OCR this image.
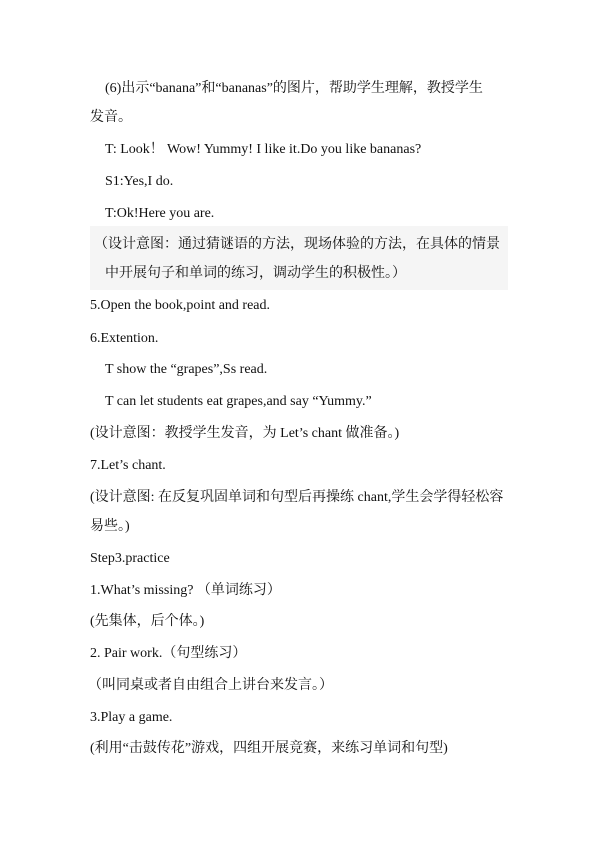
(6)出示“banana”和“bananas”的图片，帮助学生理解，教授学生
发音。
T: Look！ Wow! Yummy! I like it.Do you like bananas?
S1:Yes,I do.
T:Ok!Here you are.
（设计意图：通过猜谜语的方法，现场体验的方法，在具体的情景
中开展句子和单词的练习，调动学生的积极性。）
5.Open the book,point and read.
6.Extention.
T show the “grapes”,Ss read.
T can let students eat grapes,and say “Yummy.”
(设计意图：教授学生发音，为 Let’s chant 做准备。)
7.Let’s chant.
(设计意图: 在反复巩固单词和句型后再操练 chant,学生会学得轻松容
易些。)
Step3.practice
1.What’s missing? （单词练习）
(先集体，后个体。)
2. Pair work.（句型练习）
（叫同桌或者自由组合上讲台来发言。）
3.Play a game.
(利用“击鼓传花”游戏，四组开展竞赛，来练习单词和句型)
